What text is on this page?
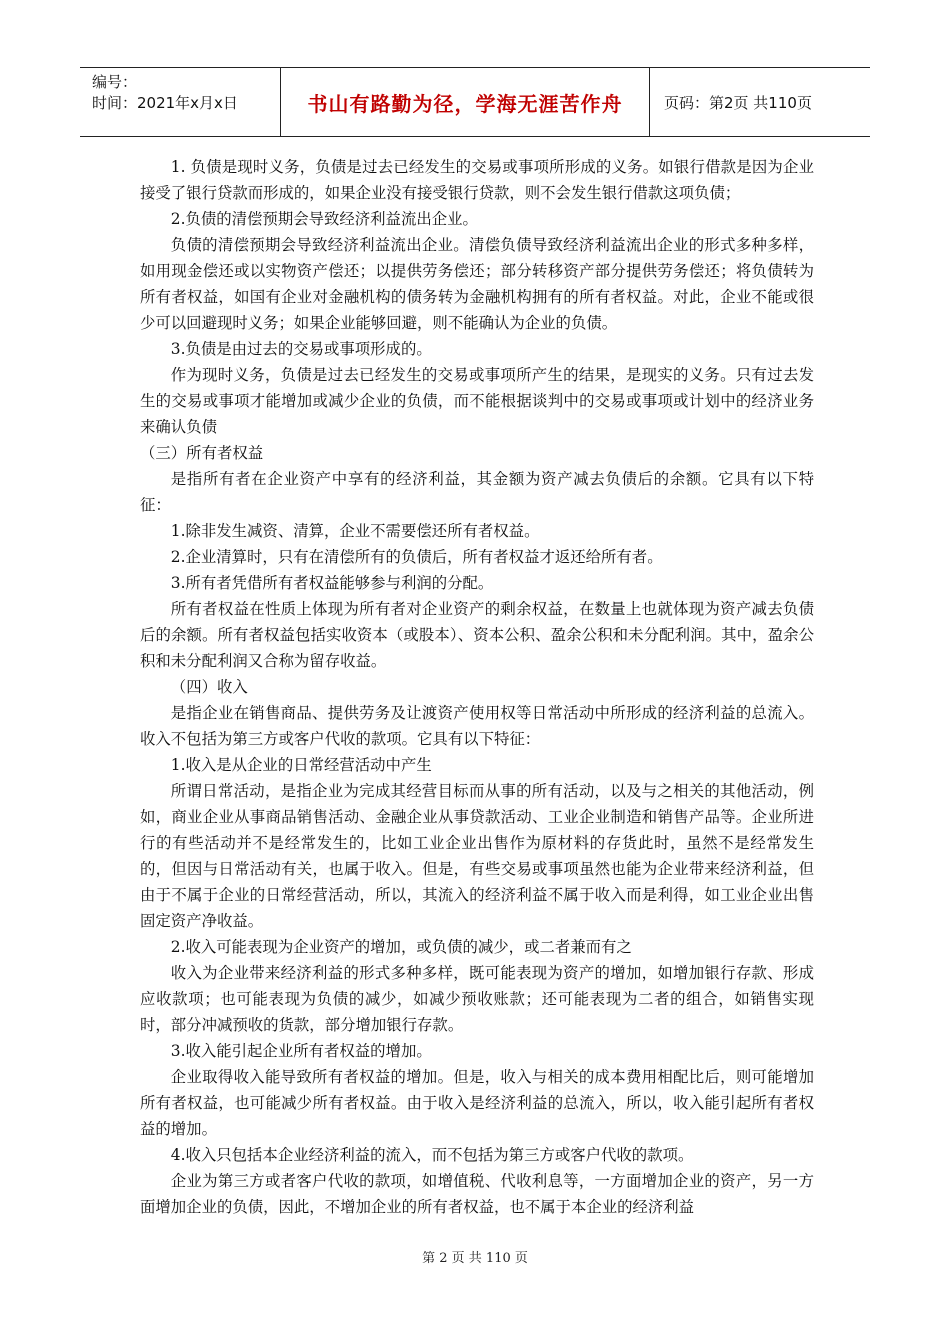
编号：
时间：2021年x月x日	书山有路勤为径，学海无涯苦作舟	页码：第2页 共110页

1. 负债是现时义务，负债是过去已经发生的交易或事项所形成的义务。如银行借款是因为企业接受了银行贷款而形成的，如果企业没有接受银行贷款，则不会发生银行借款这项负债；

2.负债的清偿预期会导致经济利益流出企业。

负债的清偿预期会导致经济利益流出企业。清偿负债导致经济利益流出企业的形式多种多样，如用现金偿还或以实物资产偿还；以提供劳务偿还；部分转移资产部分提供劳务偿还；将负债转为所有者权益，如国有企业对金融机构的债务转为金融机构拥有的所有者权益。对此，企业不能或很少可以回避现时义务；如果企业能够回避，则不能确认为企业的负债。

3.负债是由过去的交易或事项形成的。

作为现时义务，负债是过去已经发生的交易或事项所产生的结果，是现实的义务。只有过去发生的交易或事项才能增加或减少企业的负债，而不能根据谈判中的交易或事项或计划中的经济业务来确认负债

（三）所有者权益

是指所有者在企业资产中享有的经济利益，其金额为资产减去负债后的余额。它具有以下特征：

1.除非发生减资、清算，企业不需要偿还所有者权益。

2.企业清算时，只有在清偿所有的负债后，所有者权益才返还给所有者。

3.所有者凭借所有者权益能够参与利润的分配。

所有者权益在性质上体现为所有者对企业资产的剩余权益，在数量上也就体现为资产减去负债后的余额。所有者权益包括实收资本（或股本）、资本公积、盈余公积和未分配利润。其中，盈余公积和未分配利润又合称为留存收益。

（四）收入

是指企业在销售商品、提供劳务及让渡资产使用权等日常活动中所形成的经济利益的总流入。收入不包括为第三方或客户代收的款项。它具有以下特征：

1.收入是从企业的日常经营活动中产生

所谓日常活动，是指企业为完成其经营目标而从事的所有活动，以及与之相关的其他活动，例如，商业企业从事商品销售活动、金融企业从事贷款活动、工业企业制造和销售产品等。企业所进行的有些活动并不是经常发生的，比如工业企业出售作为原材料的存货此时，虽然不是经常发生的，但因与日常活动有关，也属于收入。但是，有些交易或事项虽然也能为企业带来经济利益，但由于不属于企业的日常经营活动，所以，其流入的经济利益不属于收入而是利得，如工业企业出售固定资产净收益。

2.收入可能表现为企业资产的增加，或负债的减少，或二者兼而有之

收入为企业带来经济利益的形式多种多样，既可能表现为资产的增加，如增加银行存款、形成应收款项；也可能表现为负债的减少，如减少预收账款；还可能表现为二者的组合，如销售实现时，部分冲减预收的货款，部分增加银行存款。

3.收入能引起企业所有者权益的增加。

企业取得收入能导致所有者权益的增加。但是，收入与相关的成本费用相配比后，则可能增加所有者权益，也可能减少所有者权益。由于收入是经济利益的总流入，所以，收入能引起所有者权益的增加。

4.收入只包括本企业经济利益的流入，而不包括为第三方或客户代收的款项。

企业为第三方或者客户代收的款项，如增值税、代收利息等，一方面增加企业的资产，另一方面增加企业的负债，因此，不增加企业的所有者权益，也不属于本企业的经济利益

第 2 页 共 110 页
